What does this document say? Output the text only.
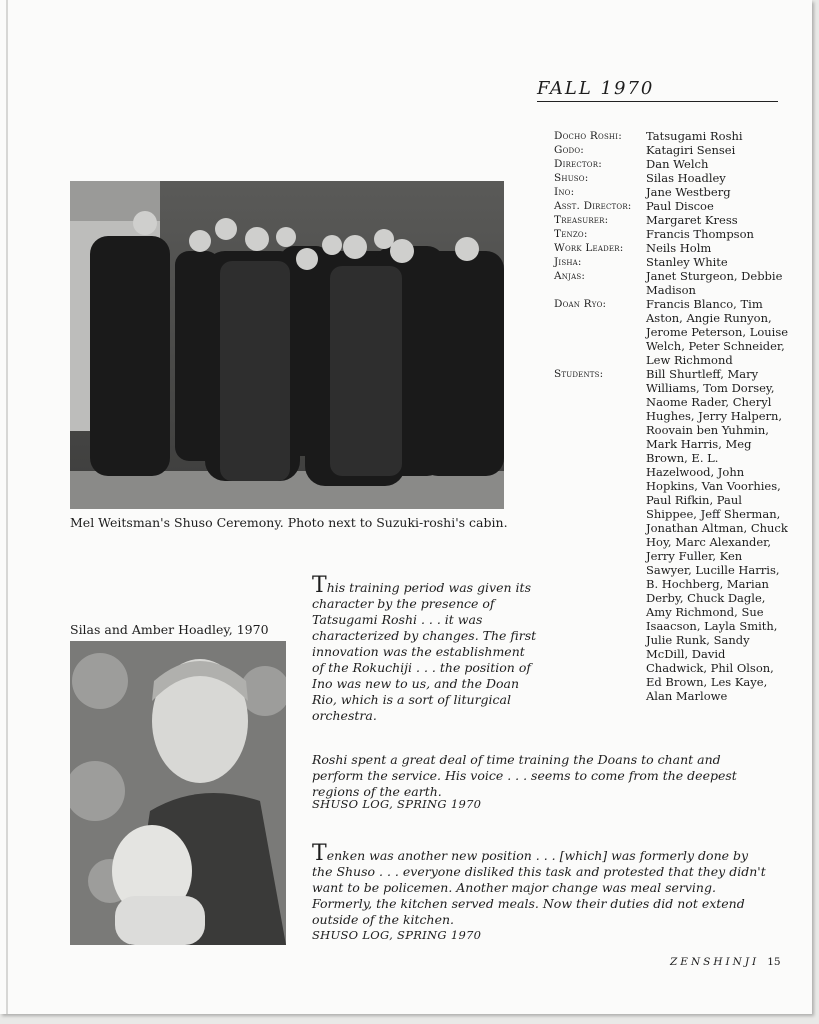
FALL 1970
Docho Roshi:	Tatsugami Roshi
Godo:	Katagiri Sensei
Director:	Dan Welch
Shuso:	Silas Hoadley
Ino:	Jane Westberg
Asst. Director:	Paul Discoe
Treasurer:	Margaret Kress
Tenzo:	Francis Thompson
Work Leader:	Neils Holm
Jisha:	Stanley White
Anjas:	Janet Sturgeon, Debbie Madison
Doan Ryo:	Francis Blanco, Tim Aston, Angie Runyon, Jerome Peterson, Louise Welch, Peter Schneider, Lew Richmond
Students:	Bill Shurtleff, Mary Williams, Tom Dorsey, Naome Rader, Cheryl Hughes, Jerry Halpern, Roovain ben Yuhmin, Mark Harris, Meg Brown, E. L. Hazelwood, John Hopkins, Van Voorhies, Paul Rifkin, Paul Shippee, Jeff Sherman, Jonathan Altman, Chuck Hoy, Marc Alexander, Jerry Fuller, Ken Sawyer, Lucille Harris, B. Hochberg, Marian Derby, Chuck Dagle, Amy Richmond, Sue Isaacson, Layla Smith, Julie Runk, Sandy McDill, David Chadwick, Phil Olson, Ed Brown, Les Kaye, Alan Marlowe
Mel Weitsman's Shuso Ceremony. Photo next to Suzuki-roshi's cabin.
This training period was given its character by the presence of Tatsugami Roshi . . . it was characterized by changes. The first innovation was the establishment of the Rokuchiji . . . the position of Ino was new to us, and the Doan Rio, which is a sort of liturgical orchestra.
Silas and Amber Hoadley, 1970
Roshi spent a great deal of time training the Doans to chant and perform the service. His voice . . . seems to come from the deepest regions of the earth.
SHUSO LOG, SPRING 1970
Tenken was another new position . . . [which] was formerly done by the Shuso . . . everyone disliked this task and protested that they didn't want to be policemen. Another major change was meal serving. Formerly, the kitchen served meals. Now their duties did not extend outside of the kitchen.
SHUSO LOG, SPRING 1970
ZENSHINJI 15
